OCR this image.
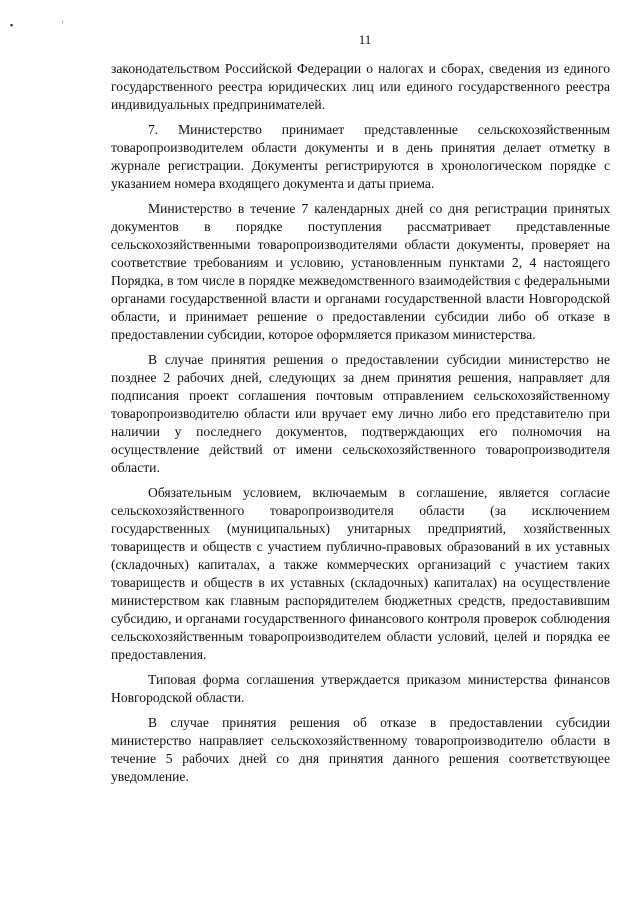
▪	·
11

законодательством Российской Федерации о налогах и сборах, сведения из единого государственного реестра юридических лиц или единого государственного реестра индивидуальных предпринимателей.

7. Министерство принимает представленные сельскохозяйственным товаропроизводителем области документы и в день принятия делает отметку в журнале регистрации. Документы регистрируются в хронологическом порядке с указанием номера входящего документа и даты приема.

Министерство в течение 7 календарных дней со дня регистрации принятых документов в порядке поступления рассматривает представленные сельскохозяйственными товаропроизводителями области документы, проверяет на соответствие требованиям и условию, установленным пунктами 2, 4 настоящего Порядка, в том числе в порядке межведомственного взаимодействия с федеральными органами государственной власти и органами государственной власти Новгородской области, и принимает решение о предоставлении субсидии либо об отказе в предоставлении субсидии, которое оформляется приказом министерства.

В случае принятия решения о предоставлении субсидии министерство не позднее 2 рабочих дней, следующих за днем принятия решения, направляет для подписания проект соглашения почтовым отправлением сельскохозяйственному товаропроизводителю области или вручает ему лично либо его представителю при наличии у последнего документов, подтверждающих его полномочия на осуществление действий от имени сельскохозяйственного товаропроизводителя области.

Обязательным условием, включаемым в соглашение, является согласие сельскохозяйственного товаропроизводителя области (за исключением государственных (муниципальных) унитарных предприятий, хозяйственных товариществ и обществ с участием публично-правовых образований в их уставных (складочных) капиталах, а также коммерческих организаций с участием таких товариществ и обществ в их уставных (складочных) капиталах) на осуществление министерством как главным распорядителем бюджетных средств, предоставившим субсидию, и органами государственного финансового контроля проверок соблюдения сельскохозяйственным товаропроизводителем области условий, целей и порядка ее предоставления.

Типовая форма соглашения утверждается приказом министерства финансов Новгородской области.

В случае принятия решения об отказе в предоставлении субсидии министерство направляет сельскохозяйственному товаропроизводителю области в течение 5 рабочих дней со дня принятия данного решения соответствующее уведомление.
